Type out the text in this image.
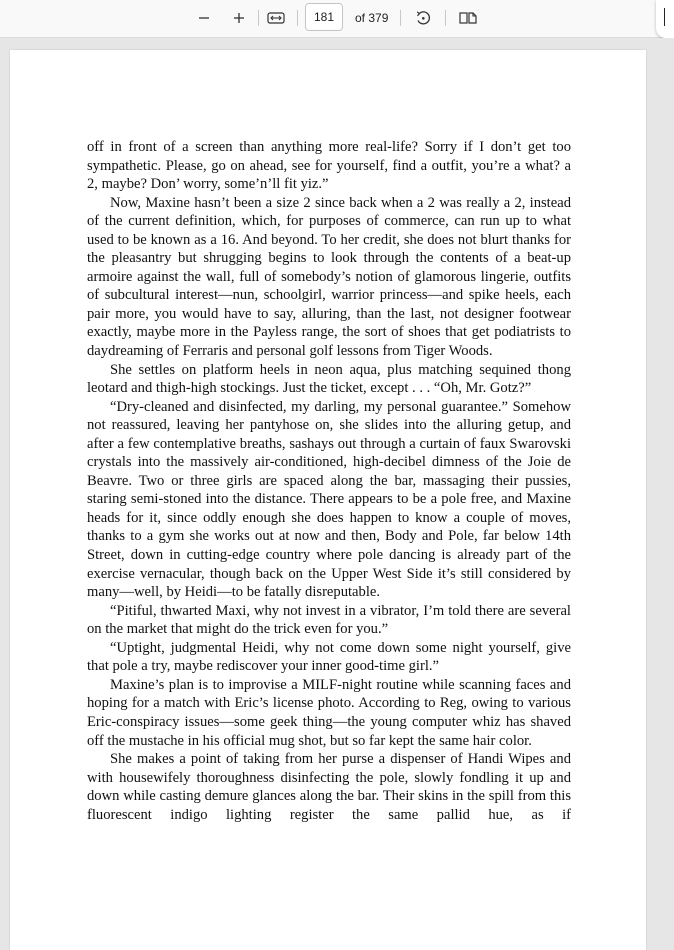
181
of 379

off in front of a screen than anything more real-life? Sorry if I don’t get too sympathetic. Please, go on ahead, see for yourself, find a outfit, you’re a what? a 2, maybe? Don’ worry, some’n’ll fit yiz.”

Now, Maxine hasn’t been a size 2 since back when a 2 was really a 2, instead of the current definition, which, for purposes of commerce, can run up to what used to be known as a 16. And beyond. To her credit, she does not blurt thanks for the pleasantry but shrugging begins to look through the contents of a beat-up armoire against the wall, full of somebody’s notion of glamorous lingerie, outfits of subcultural interest—nun, schoolgirl, warrior princess—and spike heels, each pair more, you would have to say, alluring, than the last, not designer footwear exactly, maybe more in the Payless range, the sort of shoes that get podiatrists to daydreaming of Ferraris and personal golf lessons from Tiger Woods.

She settles on platform heels in neon aqua, plus matching sequined thong leotard and thigh-high stockings. Just the ticket, except . . . “Oh, Mr. Gotz?”

“Dry-cleaned and disinfected, my darling, my personal guarantee.” Somehow not reassured, leaving her pantyhose on, she slides into the alluring getup, and after a few contemplative breaths, sashays out through a curtain of faux Swarovski crystals into the massively air-conditioned, high-decibel dimness of the Joie de Beavre. Two or three girls are spaced along the bar, massaging their pussies, staring semi-stoned into the distance. There appears to be a pole free, and Maxine heads for it, since oddly enough she does happen to know a couple of moves, thanks to a gym she works out at now and then, Body and Pole, far below 14th Street, down in cutting-edge country where pole dancing is already part of the exercise vernacular, though back on the Upper West Side it’s still considered by many—well, by Heidi—to be fatally disreputable.

“Pitiful, thwarted Maxi, why not invest in a vibrator, I’m told there are several on the market that might do the trick even for you.”

“Uptight, judgmental Heidi, why not come down some night yourself, give that pole a try, maybe rediscover your inner good-time girl.”

Maxine’s plan is to improvise a MILF-night routine while scanning faces and hoping for a match with Eric’s license photo. According to Reg, owing to various Eric-conspiracy issues—some geek thing—the young computer whiz has shaved off the mustache in his official mug shot, but so far kept the same hair color.

She makes a point of taking from her purse a dispenser of Handi Wipes and with housewifely thoroughness disinfecting the pole, slowly fondling it up and down while casting demure glances along the bar. Their skins in the spill from this fluorescent indigo lighting register the same pallid hue, as if
